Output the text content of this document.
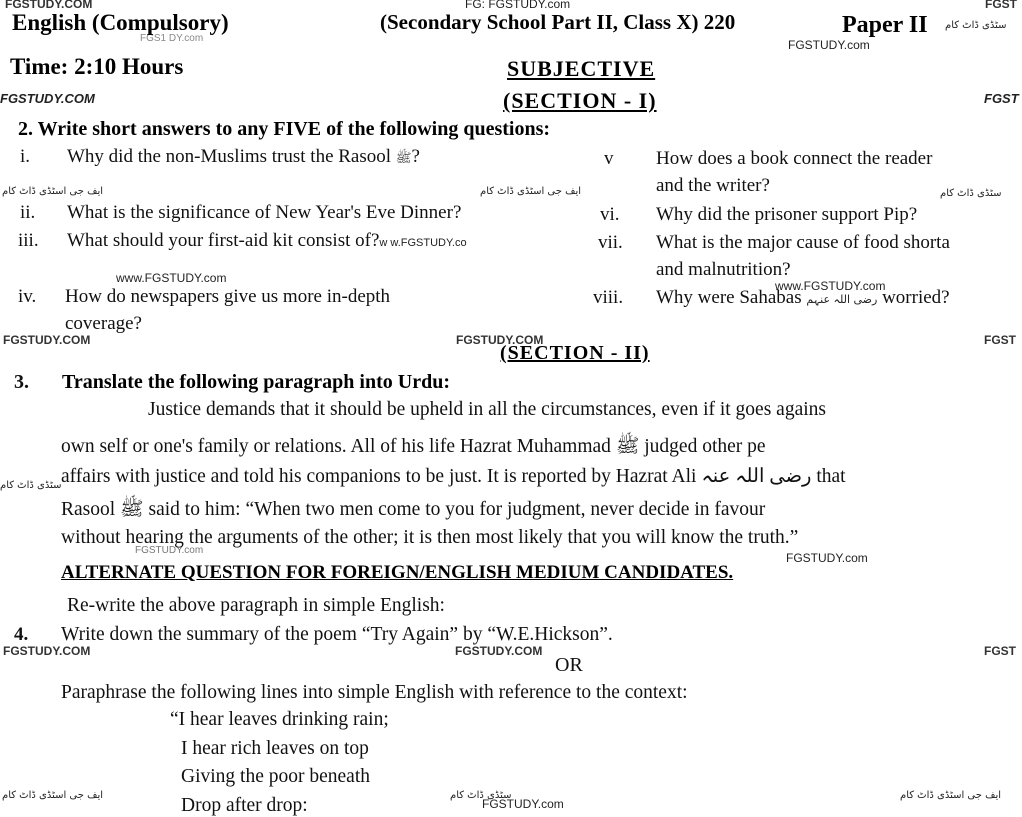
FGSTUDY.COM	FG: FGSTUDY.com	FGST
FGS1 DY.com	FGSTUDY.com
FGSTUDY.COM	FGST
www.FGSTUDY.com
FGSTUDY.COM	FGSTUDY.COM	FGST
FGSTUDY.com
FGSTUDY.com
FGSTUDY.COM	FGSTUDY.COM	FGST
FGSTUDY.com
ایف جی اسٹڈی ڈاٹ کام	ایف جی اسٹڈی ڈاٹ کام	سٹڈی ڈاٹ کام
سٹڈی ڈاٹ کام
سٹڈی ڈاٹ کام
ایف جی اسٹڈی ڈاٹ کام	سٹڈی ڈاٹ کام	ایف جی اسٹڈی ڈاٹ کام
English (Compulsory)	(Secondary School Part II, Class X) 220	Paper II
Time: 2:10 Hours	SUBJECTIVE
(SECTION - I)
2. Write short answers to any FIVE of the following questions:
i. Why did the non-Muslims trust the Rasool ﷺ?
ii. What is the significance of New Year's Eve Dinner?
iii. What should your first-aid kit consist of?w w.FGSTUDY.co
iv. How do newspapers give us more in-depth
coverage?
v How does a book connect the reader
and the writer?
vi. Why did the prisoner support Pip?
vii. What is the major cause of food shorta
and malnutrition?
www.FGSTUDY.com
viii. Why were Sahabas رضی اللہ عنہم worried?
(SECTION - II)
3. Translate the following paragraph into Urdu:
Justice demands that it should be upheld in all the circumstances, even if it goes agains
own self or one's family or relations. All of his life Hazrat Muhammad ﷺ judged other pe
affairs with justice and told his companions to be just. It is reported by Hazrat Ali رضی اللہ عنہ that
Rasool ﷺ said to him: “When two men come to you for judgment, never decide in favour
without hearing the arguments of the other; it is then most likely that you will know the truth.”
ALTERNATE QUESTION FOR FOREIGN/ENGLISH MEDIUM CANDIDATES.
Re-write the above paragraph in simple English:
4. Write down the summary of the poem “Try Again” by “W.E.Hickson”.
OR
Paraphrase the following lines into simple English with reference to the context:
“I hear leaves drinking rain;
I hear rich leaves on top
Giving the poor beneath
Drop after drop:
